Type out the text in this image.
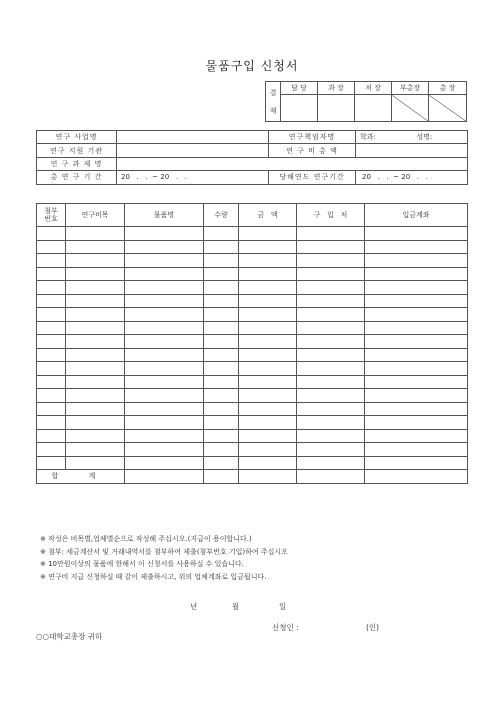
물품구입 신청서
결
재	담 당	과 장	처 장	부총장	총 장

연구 사업명		연구책임자명	학과: 성명:
연구 지원 기관		연 구 비 총 액	
연 구 과 제 명			
총 연 구 기 간	20   .   .  ~ 20   .   .	당해연도 연구기간	20   .   .  ~ 20   .   .
첨부
번호	연구비목	물품명	수량	금   액	구   입   처	입금계좌

합 계						
※ 작성은 비목별,업체별순으로 작성해 주십시오.(지급이 용이합니다.)
※ 첨부: 세금계산서 및 거래내역서를 첨부하여 제출(첨부번호 기입)하여 주십시오
※ 10만원이상의 물품에 한해서 이 신청서를 사용하실 수 있습니다.
※ 연구비 지급 신청하실 때 같이 제출하시고, 위의 업체계좌로 입금됩니다.
년	월	일
신청인 :	(인)
○○대학교총장 귀하
